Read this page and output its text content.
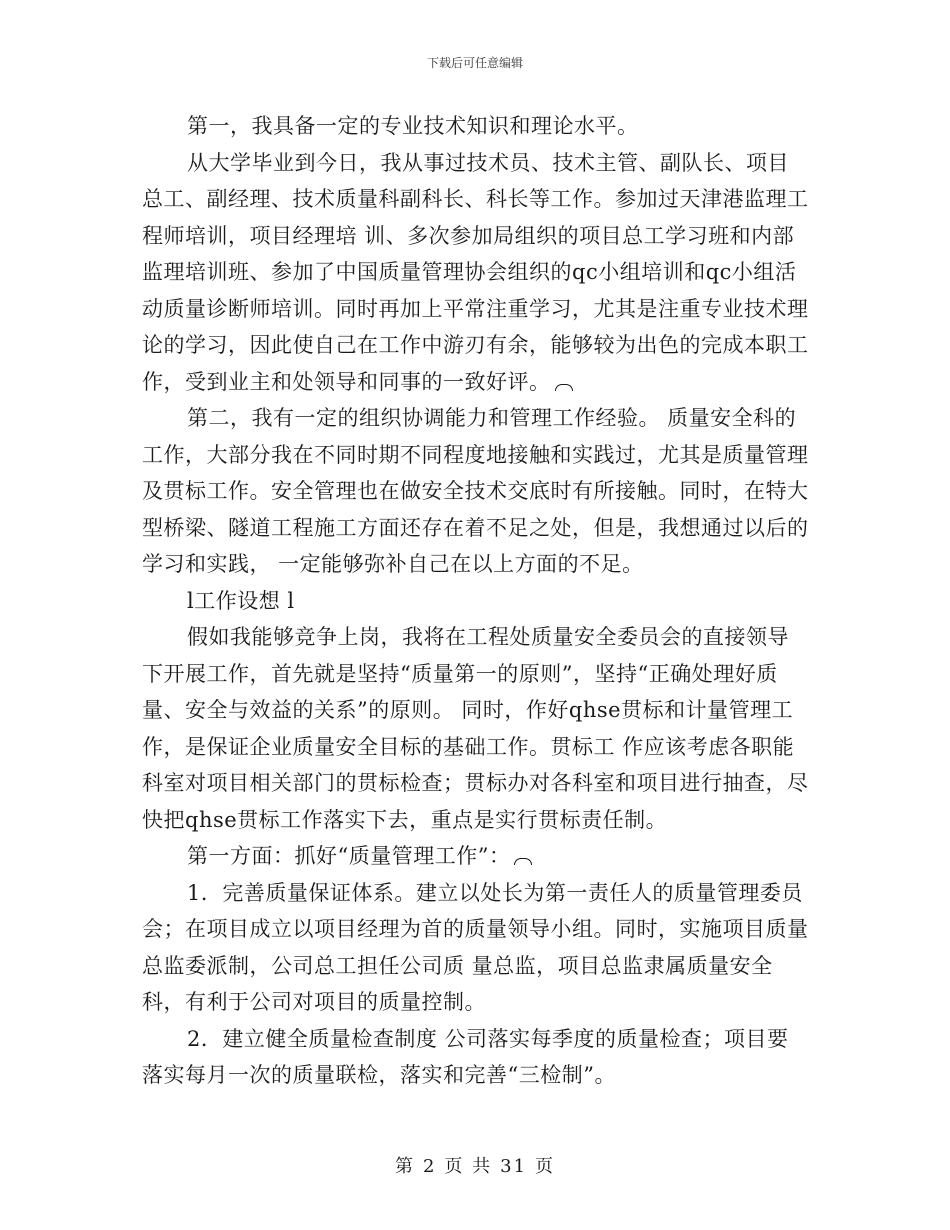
下载后可任意编辑

第一，我具备一定的专业技术知识和理论水平。

从大学毕业到今日，我从事过技术员、技术主管、副队长、项目总工、副经理、技术质量科副科长、科长等工作。参加过天津港监理工程师培训，项目经理培 训、多次参加局组织的项目总工学习班和内部监理培训班、参加了中国质量管理协会组织的qc小组培训和qc小组活动质量诊断师培训。同时再加上平常注重学习，尤其是注重专业技术理论的学习，因此使自己在工作中游刃有余，能够较为出色的完成本职工作，受到业主和处领导和同事的一致好评。

第二，我有一定的组织协调能力和管理工作经验。 质量安全科的工作，大部分我在不同时期不同程度地接触和实践过，尤其是质量管理及贯标工作。安全管理也在做安全技术交底时有所接触。同时，在特大型桥梁、隧道工程施工方面还存在着不足之处，但是，我想通过以后的学习和实践， 一定能够弥补自己在以上方面的不足。

l工作设想 l

假如我能够竞争上岗，我将在工程处质量安全委员会的直接领导下开展工作，首先就是坚持“质量第一的原则”，坚持“正确处理好质量、安全与效益的关系”的原则。 同时，作好qhse贯标和计量管理工作，是保证企业质量安全目标的基础工作。贯标工 作应该考虑各职能科室对项目相关部门的贯标检查；贯标办对各科室和项目进行抽查，尽快把qhse贯标工作落实下去，重点是实行贯标责任制。

第一方面：抓好“质量管理工作”：

1．完善质量保证体系。建立以处长为第一责任人的质量管理委员会；在项目成立以项目经理为首的质量领导小组。同时，实施项目质量总监委派制，公司总工担任公司质 量总监，项目总监隶属质量安全科，有利于公司对项目的质量控制。

2．建立健全质量检查制度 公司落实每季度的质量检查；项目要落实每月一次的质量联检，落实和完善“三检制”。

第 2 页 共 31 页
